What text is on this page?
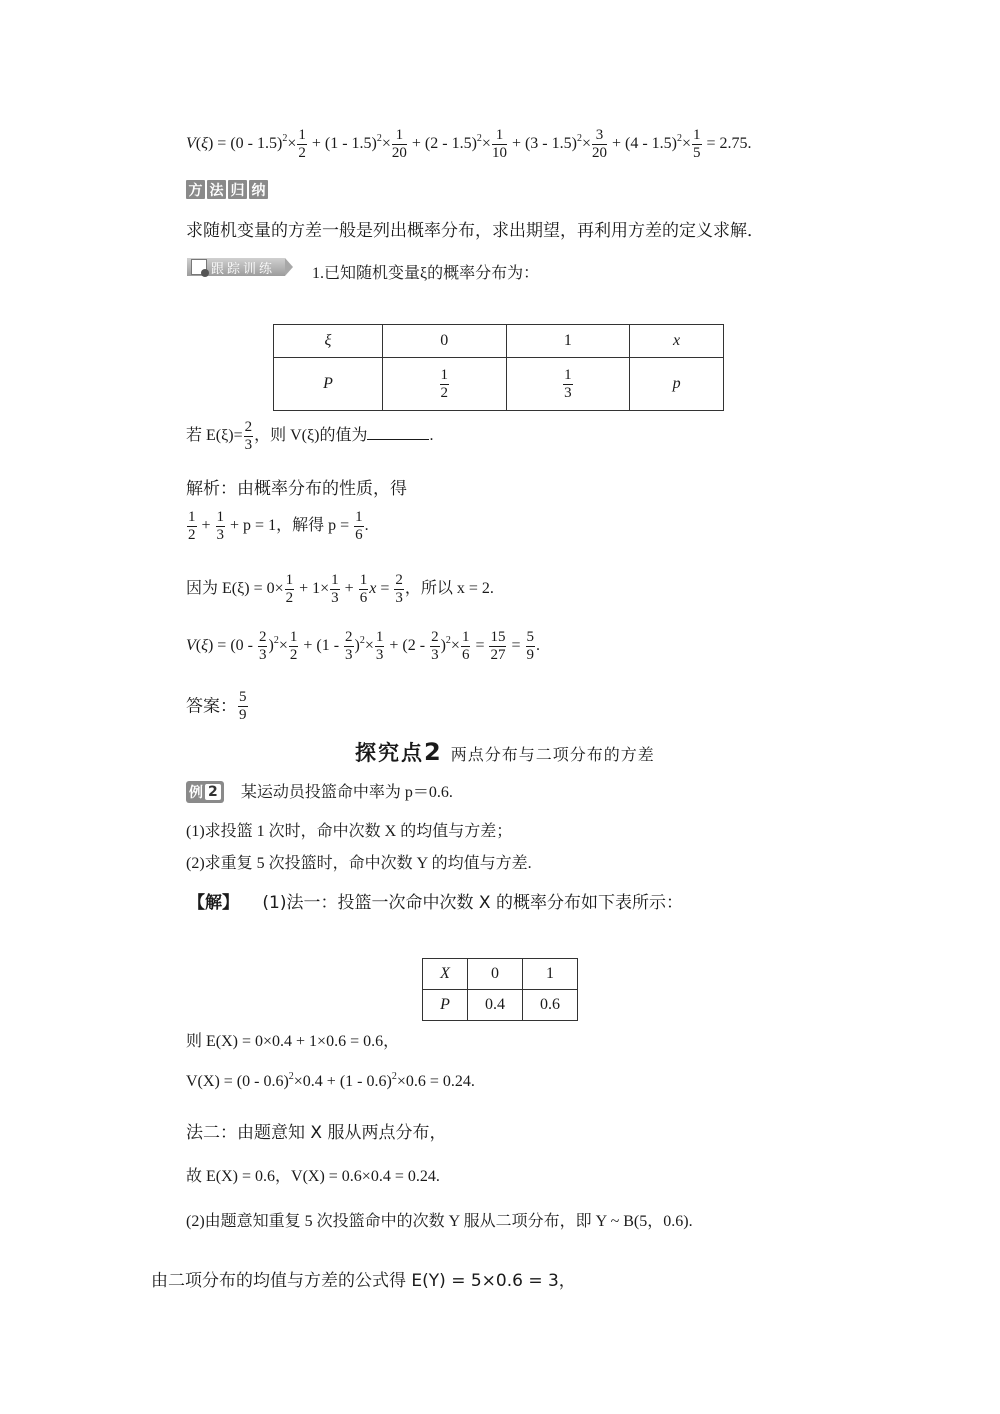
$V(\xi) = (0 - 1.5)^2\times \frac{1}{2} + (1 - 1.5)^2\times \frac{1}{20} + (2 - 1.5)^2\times \frac{1}{10} + (3 - 1.5)^2\times \frac{3}{20} + (4 - 1.5)^2\times \frac{1}{5} = 2.75$.
方 法 归 纳
求随机变量的方差一般是列出概率分布，求出期望，再利用方差的定义求解．
跟踪训练 1.已知随机变量ξ的概率分布为：
ξ	0	1	x
P	$\frac{1}{2}$	$\frac{1}{3}$	p
若 $E(\xi)= \frac{2}{3}$ ，则 V(ξ)的值为	.
解析：由概率分布的性质，得
$\frac{1}{2} + \frac{1}{3} + p = 1$，解得 $p = \frac{1}{6}$ .
因为 $E(\xi) = 0\times \frac{1}{2} + 1\times \frac{1}{3} + \frac{1}{6}$ $x = \frac{2}{3}$ ，所以 x = 2.
$V(\xi) = (0 - \frac{2}{3} )^2\times \frac{1}{2} + (1 - \frac{2}{3} )^2\times \frac{1}{3} + (2 - \frac{2}{3} )^2\times \frac{1}{6} = \frac{15}{27} = \frac{5}{9}$ .
答案： $\frac{5}{9}$
探究点2 两点分布与二项分布的方差
例 2 某运动员投篮命中率为 p＝0.6.
(1)求投篮 1 次时，命中次数 X 的均值与方差；
(2)求重复 5 次投篮时，命中次数 Y 的均值与方差.
【解】 (1)法一：投篮一次命中次数 X 的概率分布如下表所示：
X	0	1
P	0.4	0.6
则 E(X) = 0×0.4 + 1×0.6 = 0.6，
V(X) = (0 - 0.6)$^2$×0.4 + (1 - 0.6)$^2$×0.6 = 0.24.
法二：由题意知 X 服从两点分布，
故 E(X) = 0.6，V(X) = 0.6×0.4 = 0.24.
(2)由题意知重复 5 次投篮命中的次数 Y 服从二项分布，即 Y ~ B(5，0.6).
由二项分布的均值与方差的公式得 E(Y) = 5×0.6 = 3，
